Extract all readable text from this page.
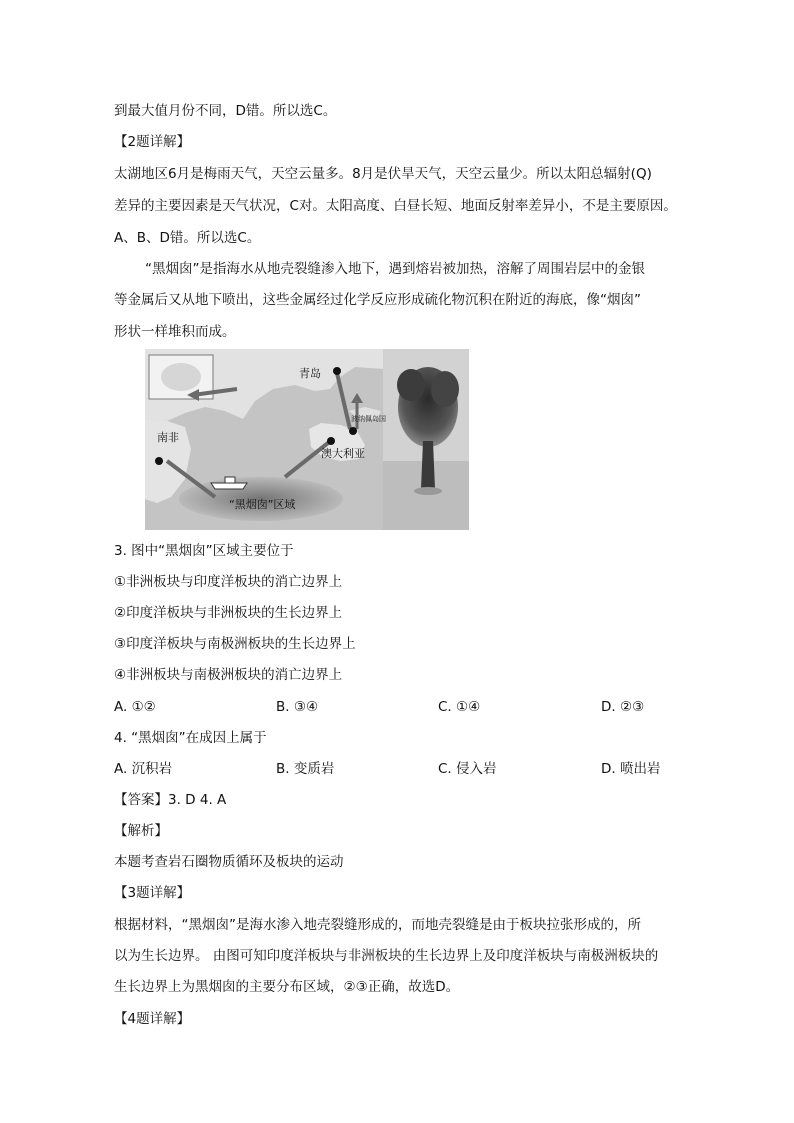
到最大值月份不同，D错。所以选C。
【2题详解】
太湖地区6月是梅雨天气，天空云量多。8月是伏旱天气，天空云量少。所以太阳总辐射(Q)
差异的主要因素是天气状况，C对。太阳高度、白昼长短、地面反射率差异小，不是主要原因。
A、B、D错。所以选C。
“黑烟囱”是指海水从地壳裂缝渗入地下，遇到熔岩被加热，溶解了周围岩层中的金银
等金属后又从地下喷出，这些金属经过化学反应形成硫化物沉积在附近的海底，像“烟囱”
形状一样堆积而成。
青岛
南非
澳大利亚
波纳佩岛国
“黑烟囱”区域
3. 图中“黑烟囱”区域主要位于
①非洲板块与印度洋板块的消亡边界上
②印度洋板块与非洲板块的生长边界上
③印度洋板块与南极洲板块的生长边界上
④非洲板块与南极洲板块的消亡边界上
A. ①②	B. ③④	C. ①④	D. ②③
4. “黑烟囱”在成因上属于
A. 沉积岩	B. 变质岩	C. 侵入岩	D. 喷出岩
【答案】3. D 4. A
【解析】
本题考查岩石圈物质循环及板块的运动
【3题详解】
根据材料，“黑烟囱”是海水渗入地壳裂缝形成的，而地壳裂缝是由于板块拉张形成的，所
以为生长边界。 由图可知印度洋板块与非洲板块的生长边界上及印度洋板块与南极洲板块的
生长边界上为黑烟囱的主要分布区域，②③正确，故选D。
【4题详解】
